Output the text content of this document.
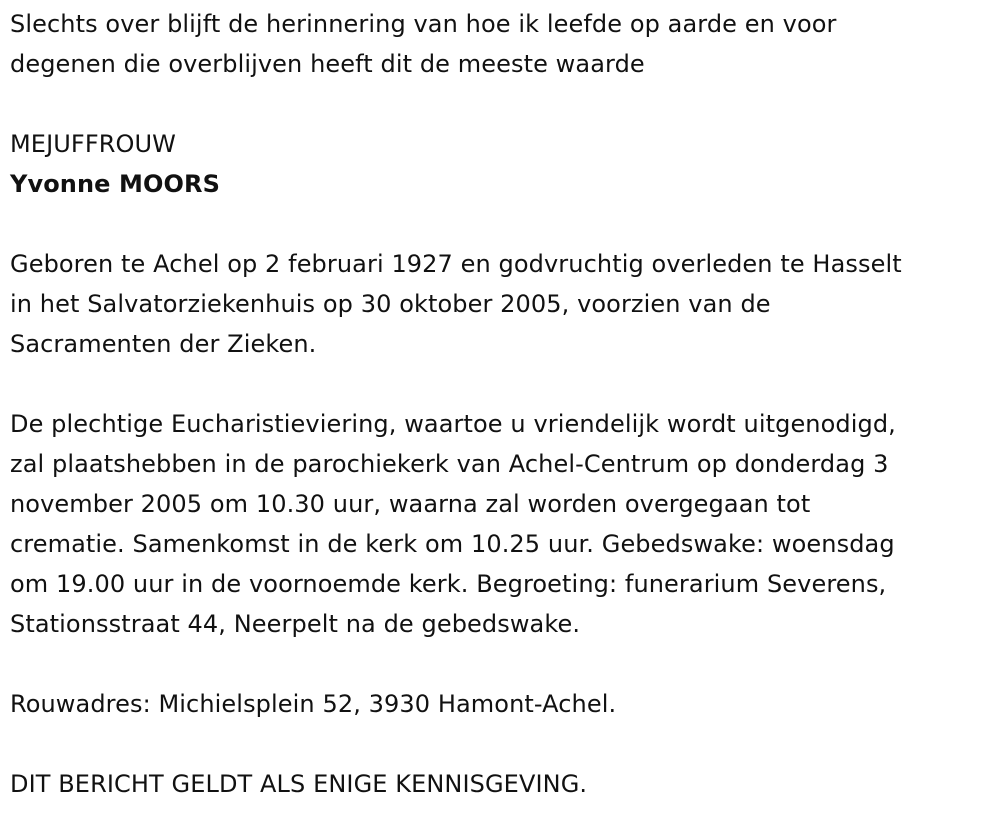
Slechts over blijft de herinnering van hoe ik leefde op aarde en voor

degenen die overblijven heeft dit de meeste waarde

MEJUFFROUW

Yvonne MOORS

Geboren te Achel op 2 februari 1927 en godvruchtig overleden te Hasselt

in het Salvatorziekenhuis op 30 oktober 2005, voorzien van de

Sacramenten der Zieken.

De plechtige Eucharistieviering, waartoe u vriendelijk wordt uitgenodigd,

zal plaatshebben in de parochiekerk van Achel-Centrum op donderdag 3

november 2005 om 10.30 uur, waarna zal worden overgegaan tot

crematie. Samenkomst in de kerk om 10.25 uur. Gebedswake: woensdag

om 19.00 uur in de voornoemde kerk. Begroeting: funerarium Severens,

Stationsstraat 44, Neerpelt na de gebedswake.

Rouwadres: Michielsplein 52, 3930 Hamont-Achel.

DIT BERICHT GELDT ALS ENIGE KENNISGEVING.
